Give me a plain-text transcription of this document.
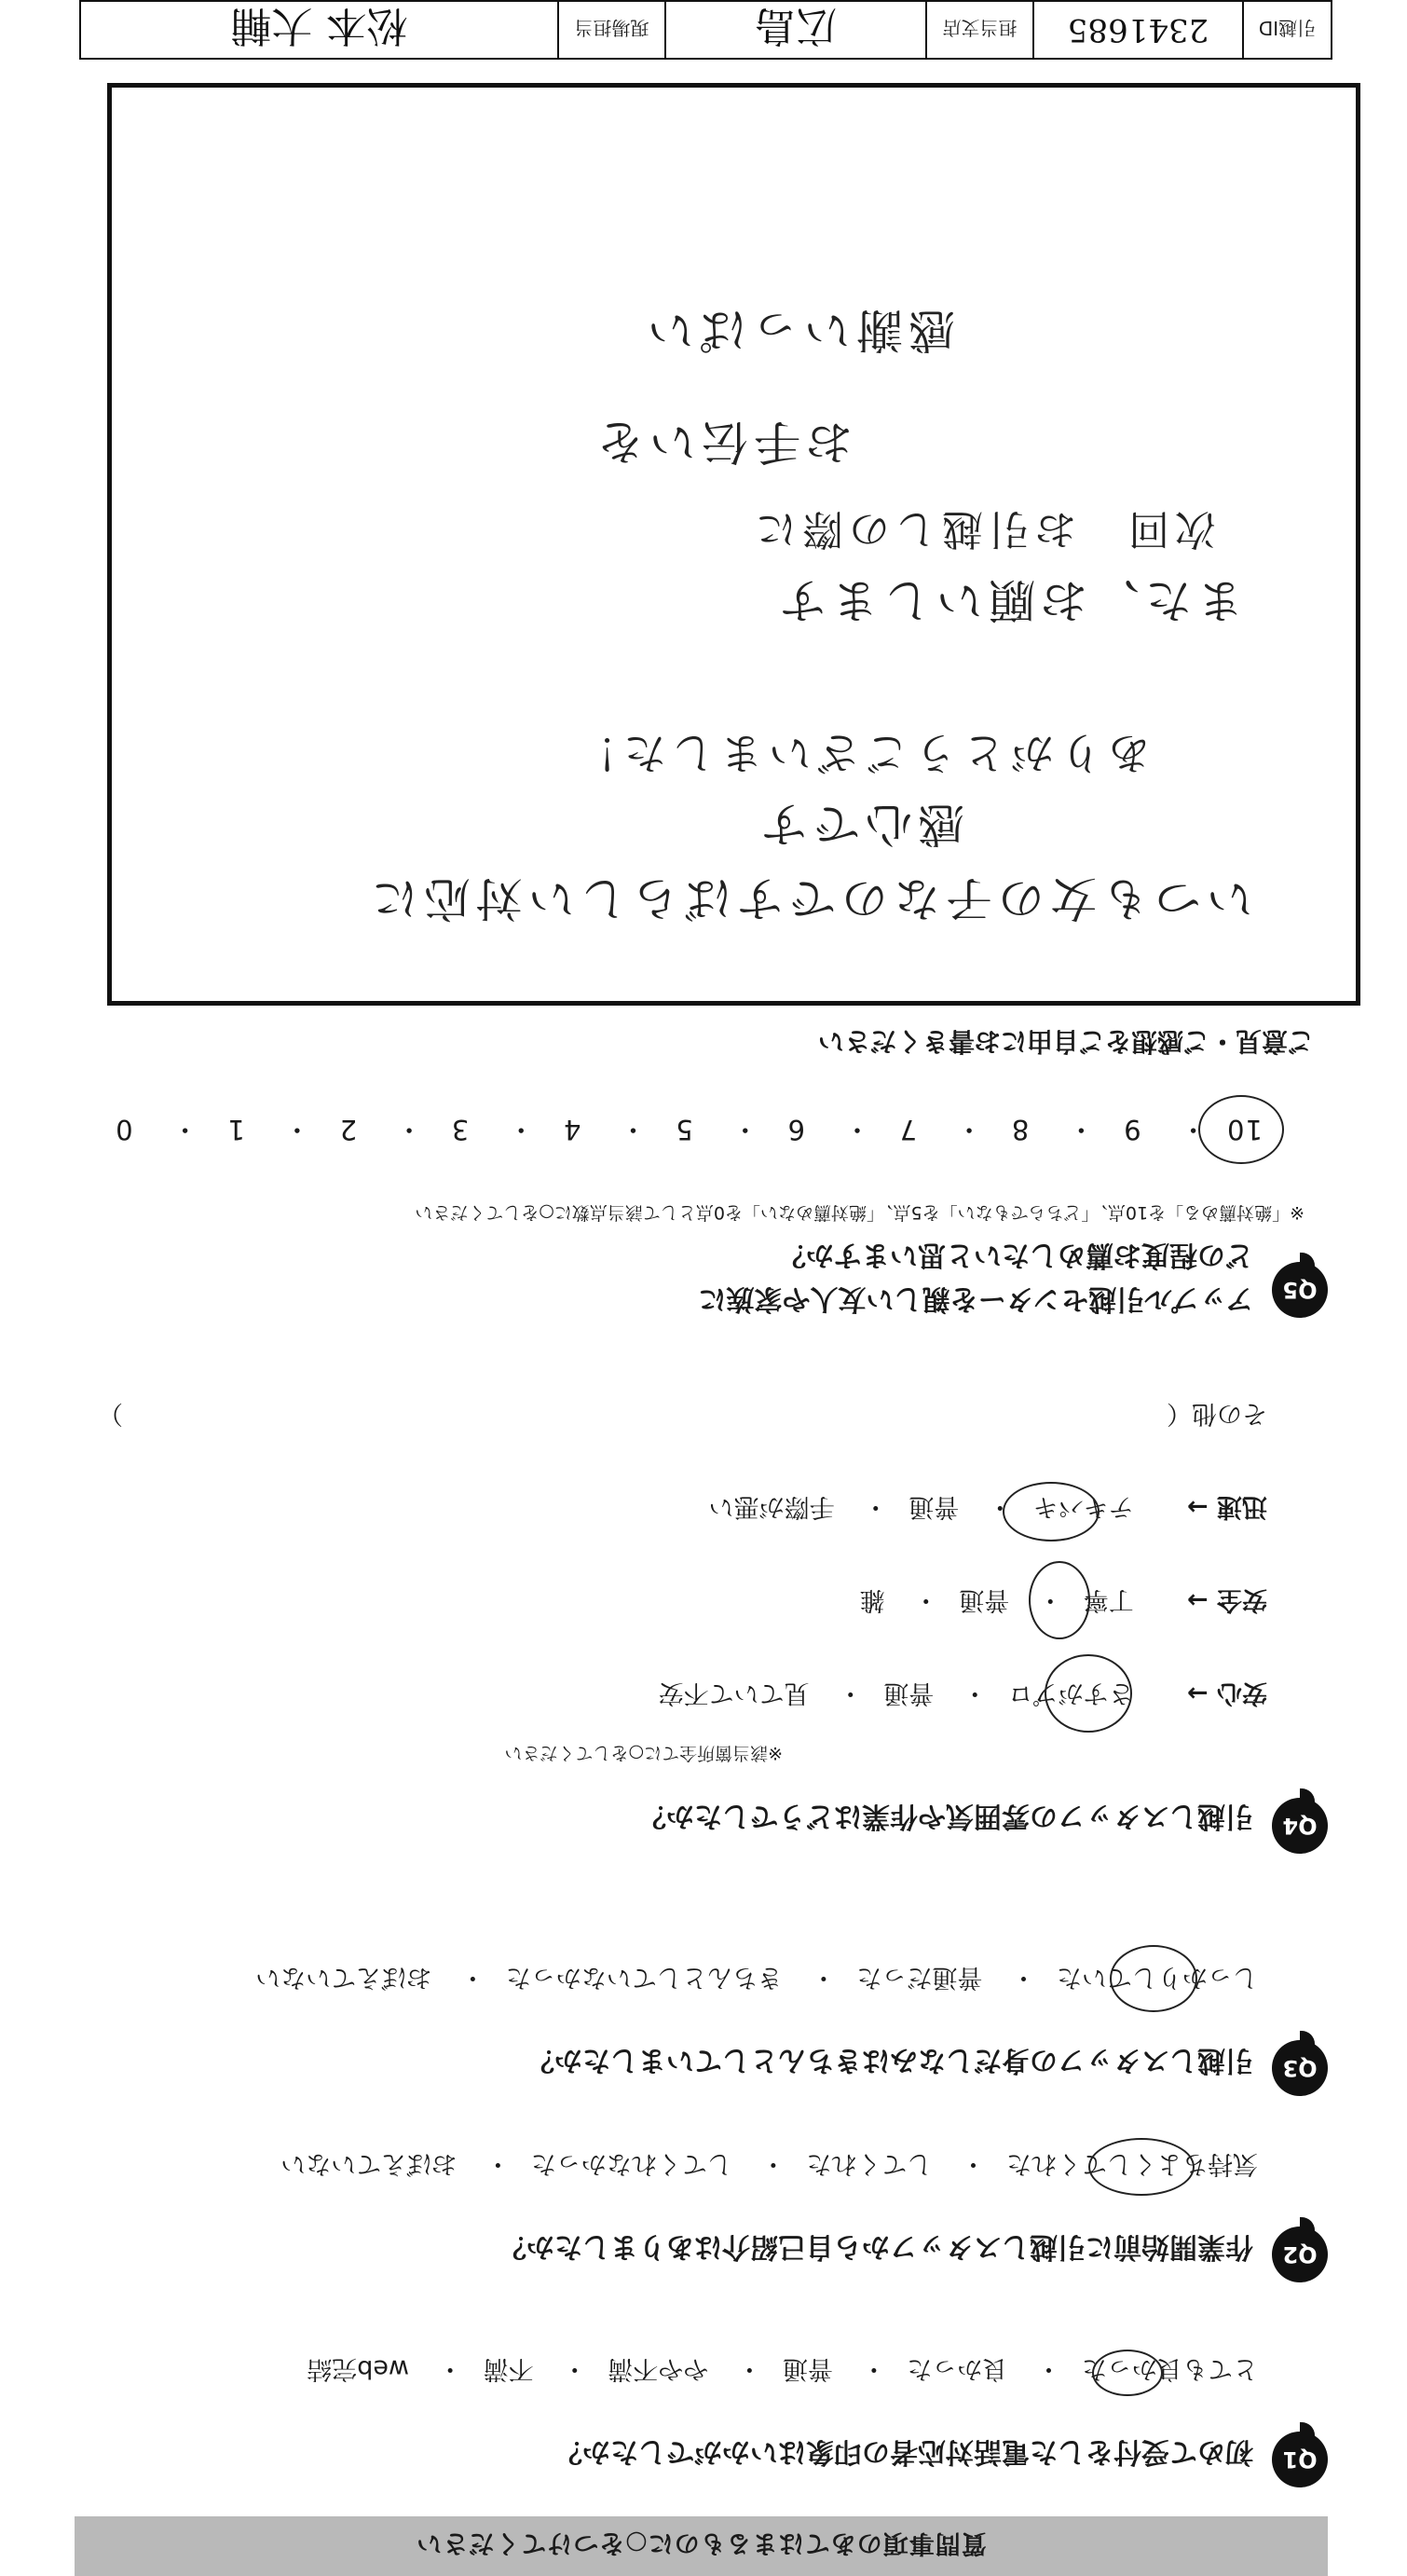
質問事項のあてはまるものに○をつけてください
Q1
初めて受付をした電話対応者の印象はいかがでしたか？
とても良かった・ 良かった・ 普通・ やや不満・ 不満・ web完結
Q2
作業開始前に引越しスタッフから自己紹介はありましたか？
気持ちよくしてくれた・ してくれた・ してくれなかった・ おぼえていない
Q3
引越しスタッフの身だしなみはきちんとしていましたか？
しっかりしていた・ 普通だった・ きちんとしていなかった・ おぼえていない
Q4
引越しスタッフの雰囲気や作業はどうでしたか？
※該当箇所全てに○をしてください
安心 →  さすがプロ・ 普通・ 見ていて不安
安全 →  丁寧・ 普通・ 雑
迅速 →  テキパキ・ 普通・ 手際が悪い
その他（
）
Q5
アップル引越センターを親しい友人や家族に
どの程度お薦めしたいと思いますか？
※「絶対薦める」を10点、「どちらでもない」を5点、「絶対薦めない」を0点として該当点数に○をしてください
10・ 9・ 8・ 7・ 6・ 5・ 4・ 3・ 2・ 1・ 0
ご意見・ご感想をご自由にお書きください
いつも女の子なのですばらしい対応に
感心です
ありがとうございました！
また、お願いします
次回　お引越しの際に
お手伝いを
感謝いっぱい
引越ID
2341685
担当支店
広島
現場担当
松本 大輔
